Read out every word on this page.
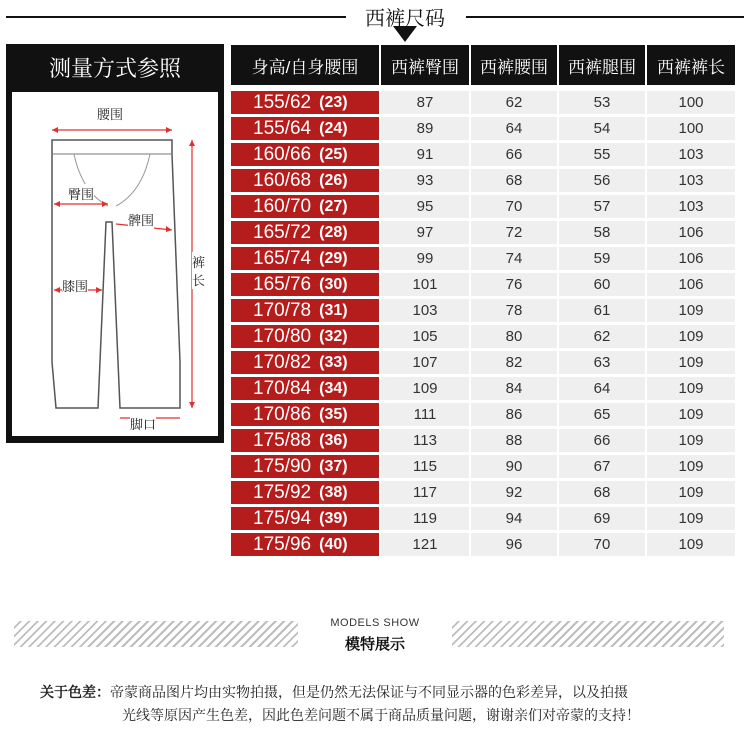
西裤尺码
测量方式参照
腰围
臀围
髀围
膝围
裤
长
脚口
身高/自身腰围	西裤臀围	西裤腰围	西裤腿围	西裤裤长
155/62 (23)	87	62	53	100
155/64 (24)	89	64	54	100
160/66 (25)	91	66	55	103
160/68 (26)	93	68	56	103
160/70 (27)	95	70	57	103
165/72 (28)	97	72	58	106
165/74 (29)	99	74	59	106
165/76 (30)	101	76	60	106
170/78 (31)	103	78	61	109
170/80 (32)	105	80	62	109
170/82 (33)	107	82	63	109
170/84 (34)	109	84	64	109
170/86 (35)	111	86	65	109
175/88 (36)	113	88	66	109
175/90 (37)	115	90	67	109
175/92 (38)	117	92	68	109
175/94 (39)	119	94	69	109
175/96 (40)	121	96	70	109
MODELS SHOW
模特展示
关于色差：帝蒙商品图片均由实物拍摄，但是仍然无法保证与不同显示器的色彩差异，以及拍摄
光线等原因产生色差，因此色差问题不属于商品质量问题，谢谢亲们对帝蒙的支持！
